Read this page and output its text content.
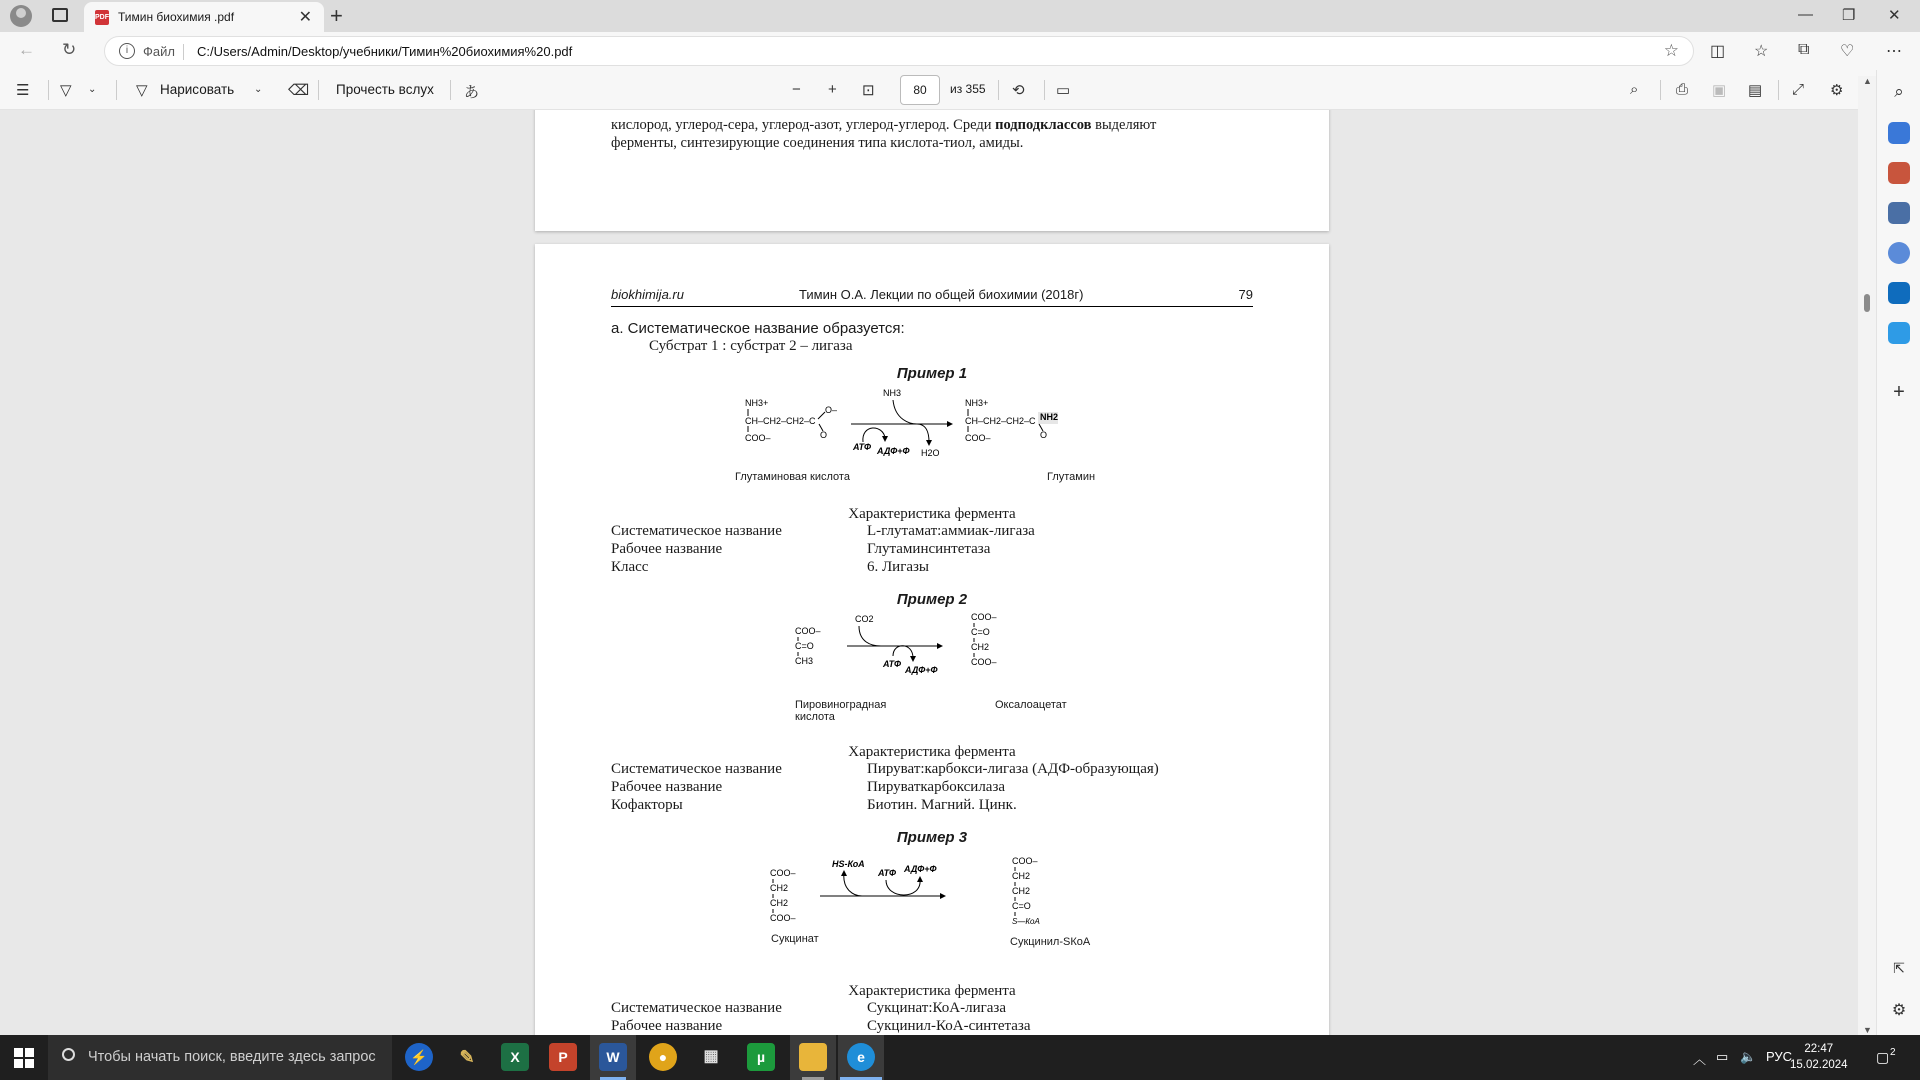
PDF Тимин биохимия .pdf	✕ +	— ❐ ✕
← ↻	i	Файл C:/Users/Admin/Desktop/учебники/Тимин%20биохимия%20.pdf	☆ ◫ ☆ ⧉ ♡ ⋯
☰ ▽ ⌄	▽ Нарисовать ⌄ ⌫ Прочесть вслух あ	− + ⊡	80	из 355 ⟲ ▭	⌕	⎙ ▣ ▤ ⤢ ⚙
кислород, углерод-сера, углерод-азот, углерод-углерод. Среди подподклассов выделяют
ферменты, синтезирующие соединения типа кислота-тиол, амиды.
biokhimija.ru	Тимин О.А. Лекции по общей биохимии (2018г)	79
а. Систематическое название образуется:
Субстрат 1 : субстрат 2 – лигаза
Пример 1
NH3+
CH–CH2–CH2–C
O–
O
COO–
NH3
АТФ АДФ+Ф H2O
NH3+
CH–CH2–CH2–C NH2
O
COO–
Глутаминовая кислота	Глутамин
Характеристика фермента
Систематическое название	L-глутамат:аммиак-лигаза
Рабочее название	Глутаминсинтетаза
Класс	6. Лигазы
Пример 2
COO–
C=O
CH3
CO2
АТФ
АДФ+Ф
COO–
C=O
CH2
COO–
Пировиноградная
кислота
Оксалоацетат
Характеристика фермента
Систематическое название	Пируват:карбокси-лигаза (АДФ-образующая)
Рабочее название	Пируваткарбоксилаза
Кофакторы	Биотин. Магний. Цинк.
Пример 3
COO–
CH2
CH2
COO–
HS-КоА
АТФ АДФ+Ф
COO–
CH2
CH2
C=O
S—КоА
Сукцинат	Сукцинил-SКоА
Характеристика фермента
Систематическое название	Сукцинат:КоА-лигаза
Рабочее название	Сукцинил-КоА-синтетаза
▲
▼
⌕
+
⇱
⚙
Чтобы начать поиск, введите здесь запрос	⚡	✎	X	P	W	●	▦	µ	e	︿ ▭ 🔈 РУС	22:47
15.02.2024 ▢ 2
